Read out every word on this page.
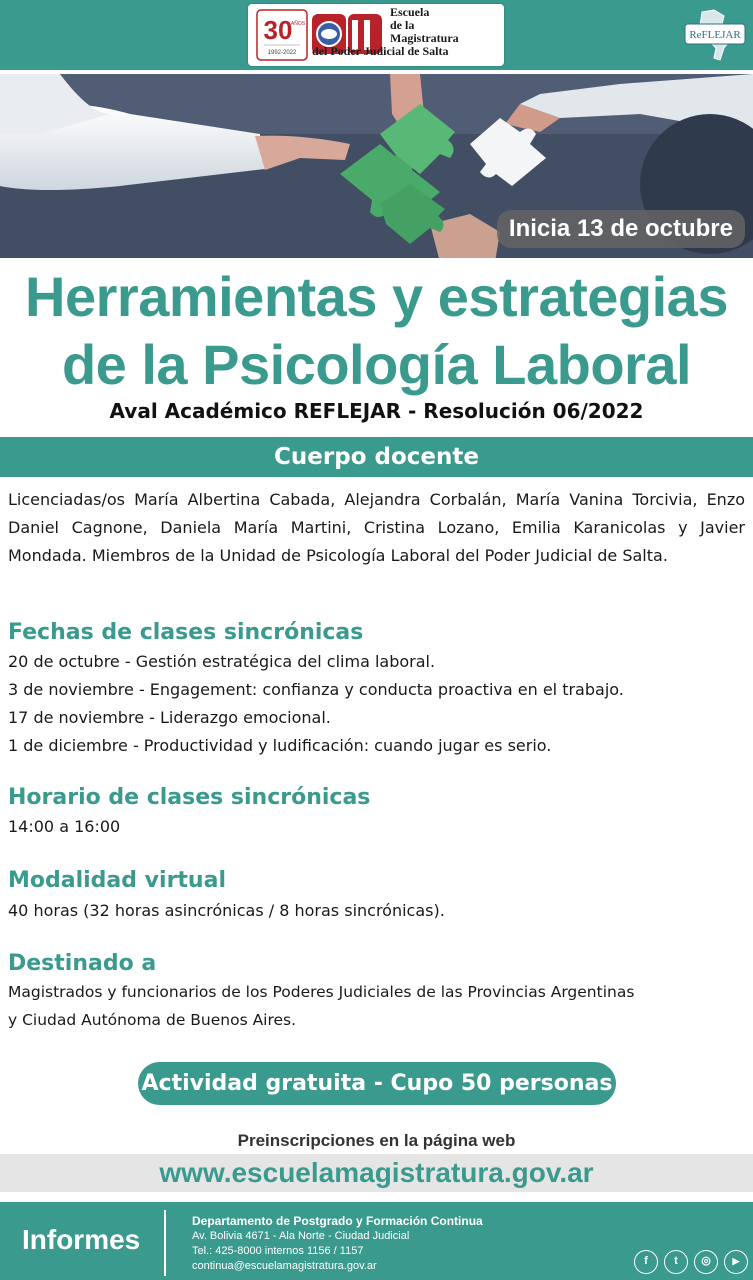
30
AÑOS
1992-2022
Escuela
de la
Magistratura
del Poder Judicial de Salta
ReFLEJAR
Inicia 13 de octubre
Herramientas y estrategias
de la Psicología Laboral
Aval Académico REFLEJAR - Resolución 06/2022
Cuerpo docente
Licenciadas/os María Albertina Cabada, Alejandra Corbalán, María Vanina Torcivia, Enzo Daniel Cagnone, Daniela María Martini, Cristina Lozano, Emilia Karanicolas y Javier Mondada. Miembros de la Unidad de Psicología Laboral del Poder Judicial de Salta.
Fechas de clases sincrónicas
20 de octubre - Gestión estratégica del clima laboral.
3 de noviembre - Engagement: confianza y conducta proactiva en el trabajo.
17 de noviembre - Liderazgo emocional.
1 de diciembre - Productividad y ludificación: cuando jugar es serio.
Horario de clases sincrónicas
14:00 a 16:00
Modalidad virtual
40 horas (32 horas asincrónicas / 8 horas sincrónicas).
Destinado a
Magistrados y funcionarios de los Poderes Judiciales de las Provincias Argentinas
y Ciudad Autónoma de Buenos Aires.
Actividad gratuita - Cupo 50 personas
Preinscripciones en la página web
www.escuelamagistratura.gov.ar
Informes
Departamento de Postgrado y Formación Continua
Av. Bolivia 4671 - Ala Norte - Ciudad Judicial
Tel.: 425-8000 internos 1156 / 1157
continua@escuelamagistratura.gov.ar	f	t	◎	▶
